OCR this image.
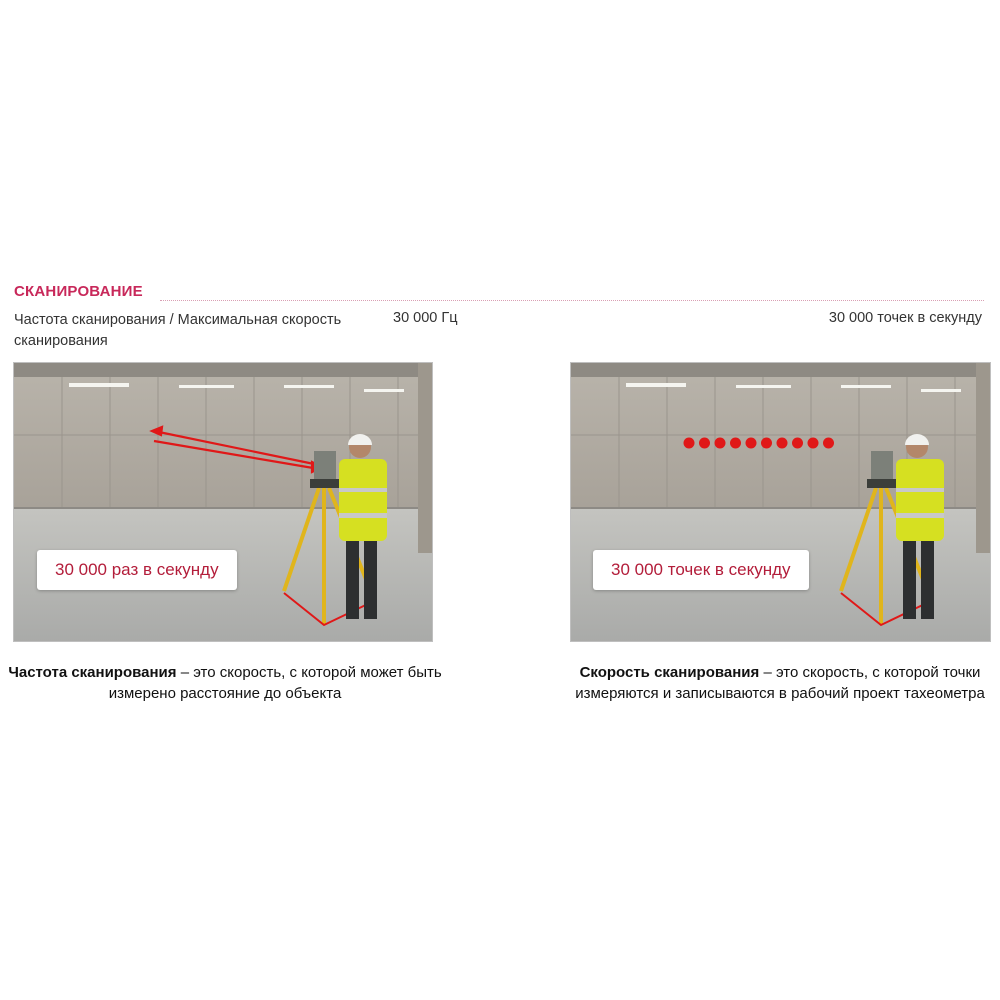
СКАНИРОВАНИЕ
Частота сканирования / Максимальная скорость сканирования
30 000 Гц	30 000 точек в секунду
30 000 раз в секунду	30 000 точек в секунду
Частота сканирования – это скорость, с которой может быть измерено расстояние до объекта
Скорость сканирования – это скорость, с которой точки измеряются и записываются в рабочий проект тахеометра
